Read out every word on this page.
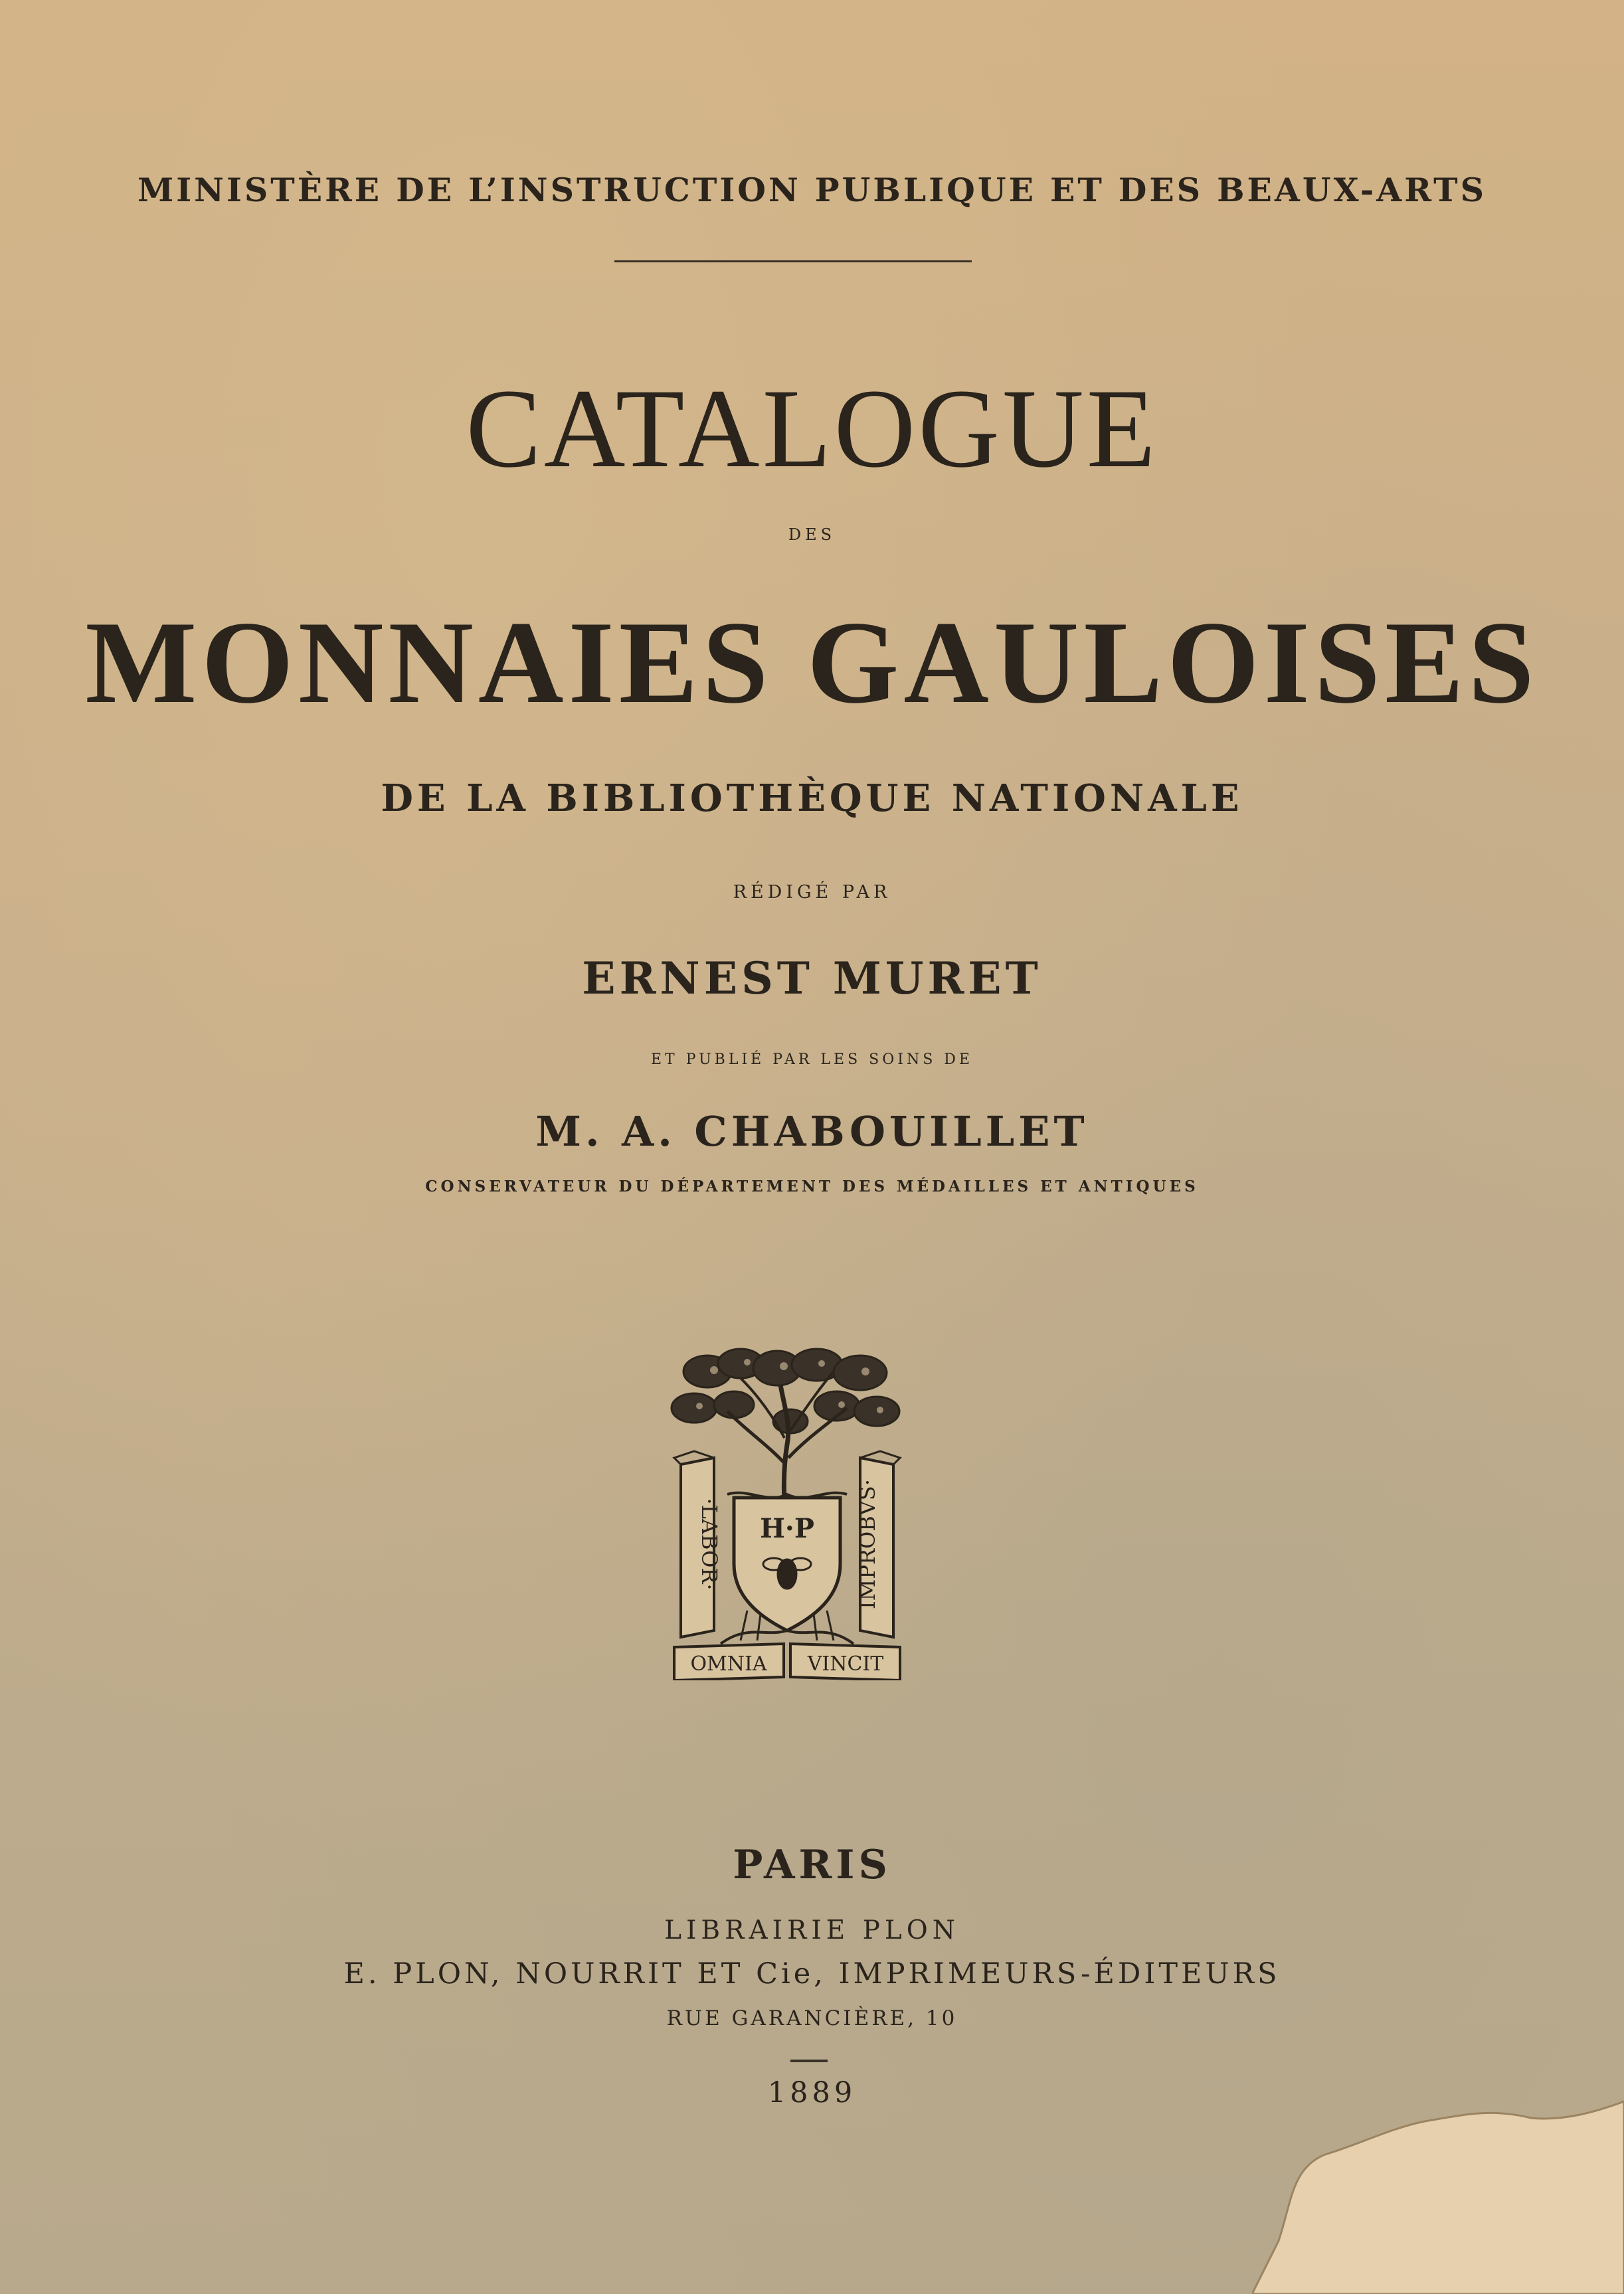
MINISTÈRE DE L’INSTRUCTION PUBLIQUE ET DES BEAUX-ARTS
CATALOGUE
DES
MONNAIES GAULOISES
DE LA BIBLIOTHÈQUE NATIONALE
RÉDIGÉ PAR
ERNEST MURET
ET PUBLIÉ PAR LES SOINS DE
M. A. CHABOUILLET
CONSERVATEUR DU DÉPARTEMENT DES MÉDAILLES ET ANTIQUES
H·P
·LABOR·	IMPROBVS·
OMNIA VINCIT
PARIS
LIBRAIRIE PLON
E. PLON, NOURRIT ET Cie, IMPRIMEURS-ÉDITEURS
RUE GARANCIÈRE, 10
1889
